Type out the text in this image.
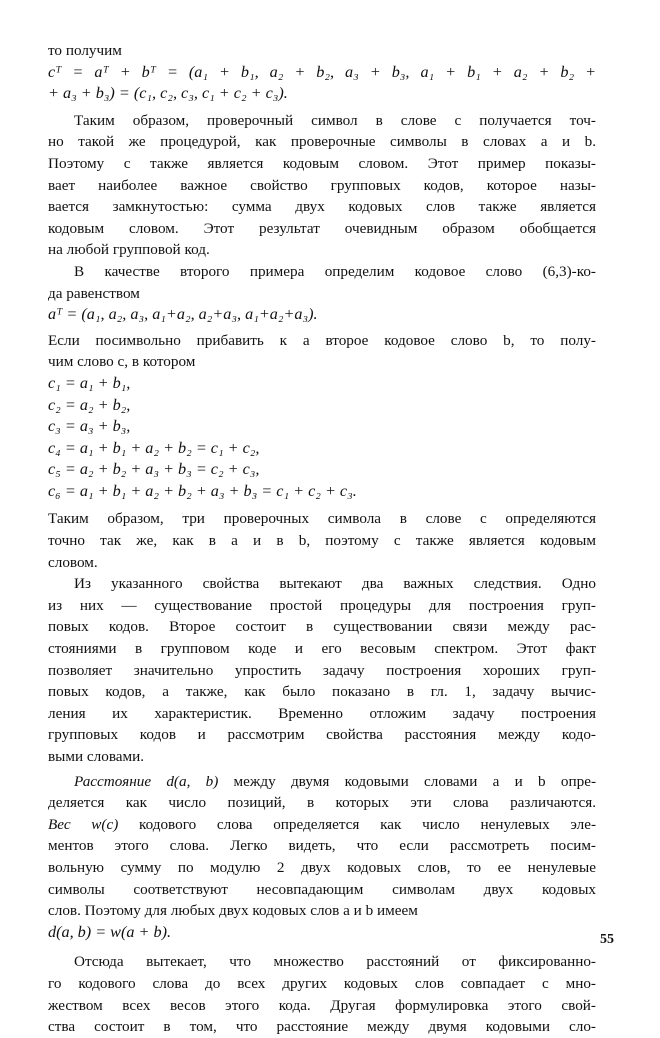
то получим
cᵀ = aᵀ + bᵀ = (a₁ + b₁, a₂ + b₂, a₃ + b₃, a₁ + b₁ + a₂ + b₂ +
+ a₃ + b₃) = (c₁, c₂, c₃, c₁ + c₂ + c₃).
Таким образом, проверочный символ в слове c получается точ-
но такой же процедурой, как проверочные символы в словах a и b.
Поэтому c также является кодовым словом. Этот пример показы-
вает наиболее важное свойство групповых кодов, которое назы-
вается замкнутостью: сумма двух кодовых слов также является
кодовым словом. Этот результат очевидным образом обобщается
на любой групповой код.
В качестве второго примера определим кодовое слово (6,3)-ко-
да равенством
aᵀ = (a₁, a₂, a₃, a₁+a₂, a₂+a₃, a₁+a₂+a₃).
Если посимвольно прибавить к a второе кодовое слово b, то полу-
чим слово c, в котором
c₁ = a₁ + b₁,
c₂ = a₂ + b₂,
c₃ = a₃ + b₃,
c₄ = a₁ + b₁ + a₂ + b₂ = c₁ + c₂,
c₅ = a₂ + b₂ + a₃ + b₃ = c₂ + c₃,
c₆ = a₁ + b₁ + a₂ + b₂ + a₃ + b₃ = c₁ + c₂ + c₃.
Таким образом, три проверочных символа в слове c определяются
точно так же, как в a и в b, поэтому c также является кодовым
словом.
Из указанного свойства вытекают два важных следствия. Одно
из них — существование простой процедуры для построения груп-
повых кодов. Второе состоит в существовании связи между рас-
стояниями в групповом коде и его весовым спектром. Этот факт
позволяет значительно упростить задачу построения хороших груп-
повых кодов, а также, как было показано в гл. 1, задачу вычис-
ления их характеристик. Временно отложим задачу построения
групповых кодов и рассмотрим свойства расстояния между кодо-
выми словами.
Расстояние d(a, b) между двумя кодовыми словами a и b опре-
деляется как число позиций, в которых эти слова различаются.
Вес w(c) кодового слова определяется как число ненулевых эле-
ментов этого слова. Легко видеть, что если рассмотреть посим-
вольную сумму по модулю 2 двух кодовых слов, то ее ненулевые
символы соответствуют несовпадающим символам двух кодовых
слов. Поэтому для любых двух кодовых слов a и b имеем
d(a, b) = w(a + b).
Отсюда вытекает, что множество расстояний от фиксированно-
го кодового слова до всех других кодовых слов совпадает с мно-
жеством всех весов этого кода. Другая формулировка этого свой-
ства состоит в том, что расстояние между двумя кодовыми сло-
55
